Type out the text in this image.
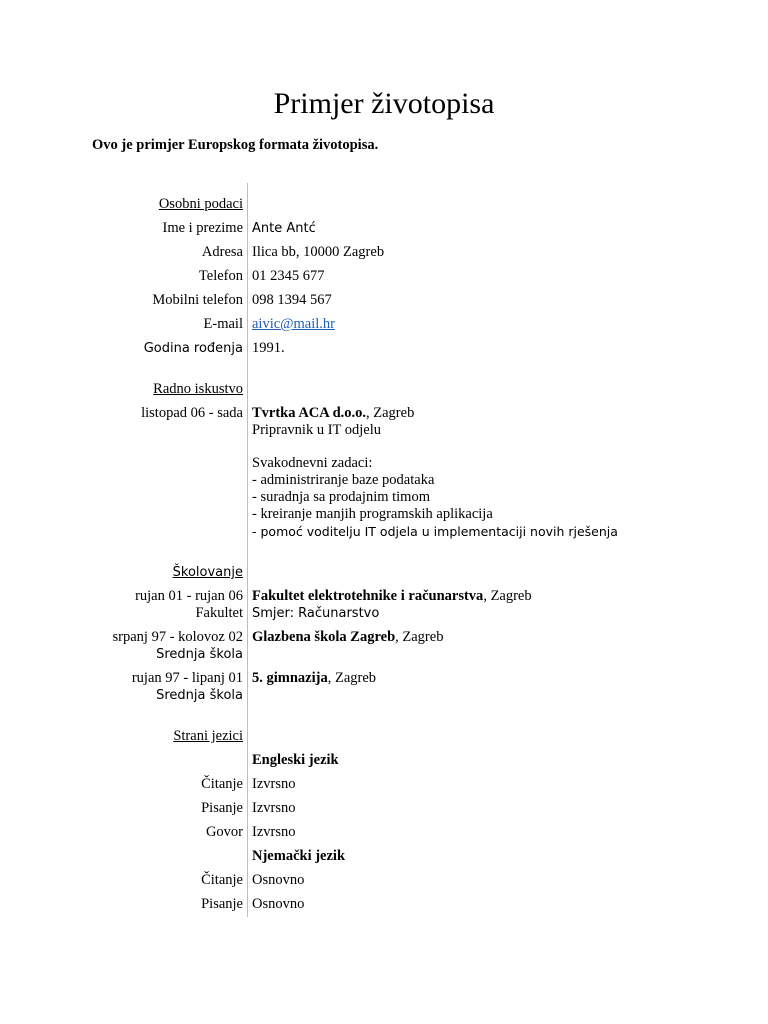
Primjer životopisa
Ovo je primjer Europskog formata životopisa.
Osobni podaci
Ime i prezime Ante Antć
Adresa Ilica bb, 10000 Zagreb
Telefon 01 2345 677
Mobilni telefon 098 1394 567
E-mail aivic@mail.hr
Godina rođenja 1991.
Radno iskustvo
listopad 06 - sada Tvrtka ACA d.o.o., Zagreb
Pripravnik u IT odjelu
Svakodnevni zadaci:
- administriranje baze podataka
- suradnja sa prodajnim timom
- kreiranje manjih programskih aplikacija
- pomoć voditelju IT odjela u implementaciji novih rješenja
Školovanje
rujan 01 - rujan 06
Fakultet
Fakultet elektrotehnike i računarstva, Zagreb
Smjer: Računarstvo
srpanj 97 - kolovoz 02
Srednja škola
Glazbena škola Zagreb, Zagreb
rujan 97 - lipanj 01
Srednja škola
5. gimnazija, Zagreb
Strani jezici
Engleski jezik
Čitanje Izvrsno
Pisanje Izvrsno
Govor Izvrsno
Njemački jezik
Čitanje Osnovno
Pisanje Osnovno
